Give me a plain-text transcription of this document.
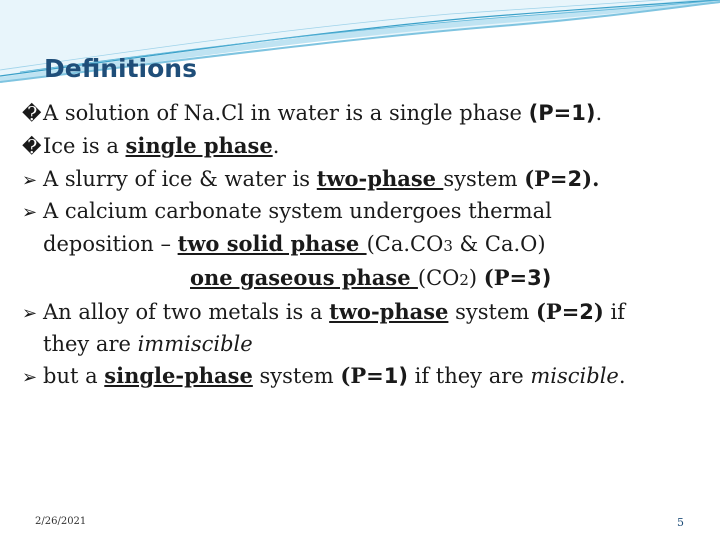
Definitions
� A solution of Na.Cl in water is a single phase (P=1).
� Ice is a single phase.
➢ A slurry of ice & water is two-phase system (P=2).
➢ A calcium carbonate system undergoes thermal
deposition – two solid phase (Ca.CO3 & Ca.O)
one gaseous phase (CO2) (P=3)
➢ An alloy of two metals is a two-phase system (P=2) if
they are immiscible
➢ but a single-phase system (P=1) if they are miscible.
2/26/2021	5
